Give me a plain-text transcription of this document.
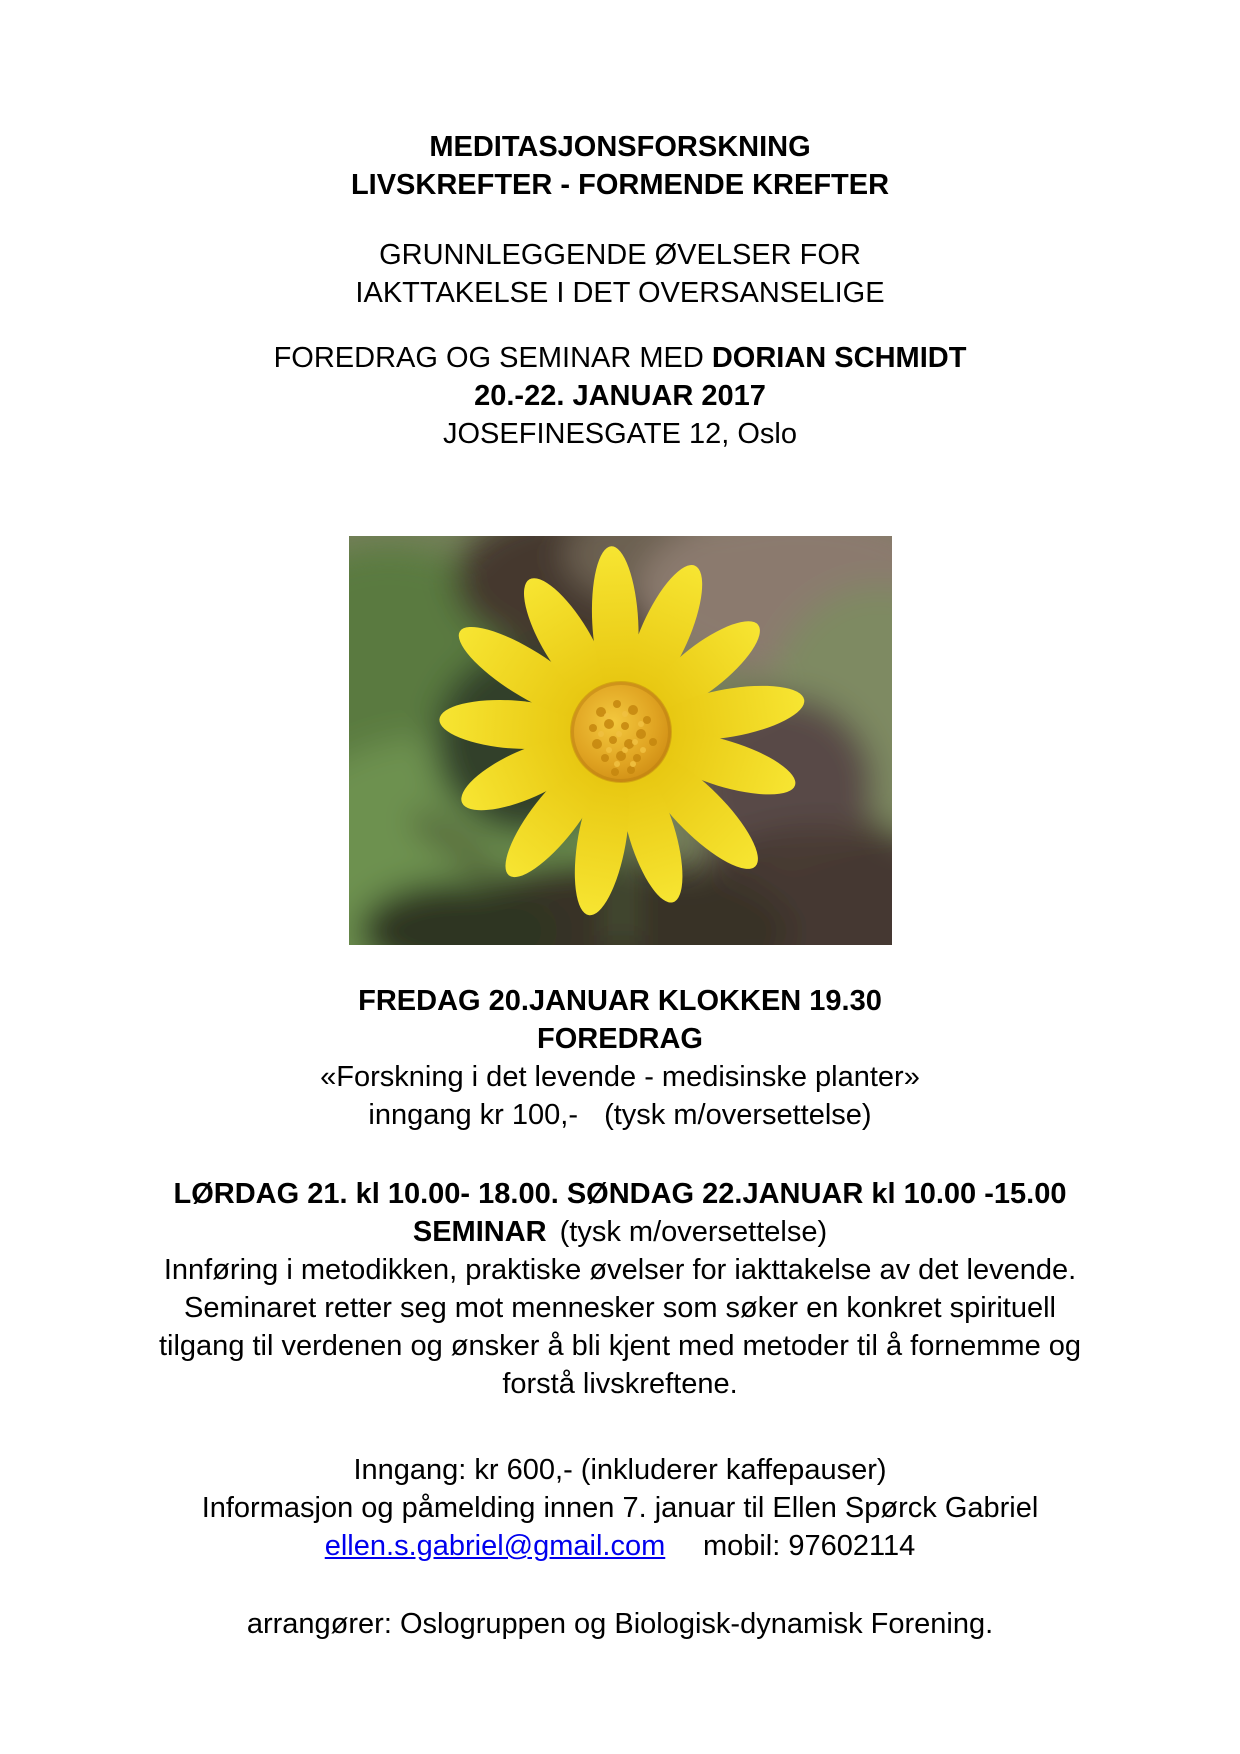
MEDITASJONSFORSKNING
LIVSKREFTER - FORMENDE KREFTER
GRUNNLEGGENDE ØVELSER FOR
IAKTTAKELSE I DET OVERSANSELIGE
FOREDRAG OG SEMINAR MED DORIAN SCHMIDT
20.-22. JANUAR 2017
JOSEFINESGATE 12, Oslo
FREDAG 20.JANUAR KLOKKEN 19.30
FOREDRAG
«Forskning i det levende - medisinske planter»
inngang kr 100,- (tysk m/oversettelse)
LØRDAG 21. kl 10.00- 18.00. SØNDAG 22.JANUAR kl 10.00 -15.00
SEMINAR (tysk m/oversettelse)
Innføring i metodikken, praktiske øvelser for iakttakelse av det levende.
Seminaret retter seg mot mennesker som søker en konkret spirituell
tilgang til verdenen og ønsker å bli kjent med metoder til å fornemme og
forstå livskreftene.
Inngang: kr 600,- (inkluderer kaffepauser)
Informasjon og påmelding innen 7. januar til Ellen Spørck Gabriel
ellen.s.gabriel@gmail.com mobil: 97602114
arrangører: Oslogruppen og Biologisk-dynamisk Forening.
